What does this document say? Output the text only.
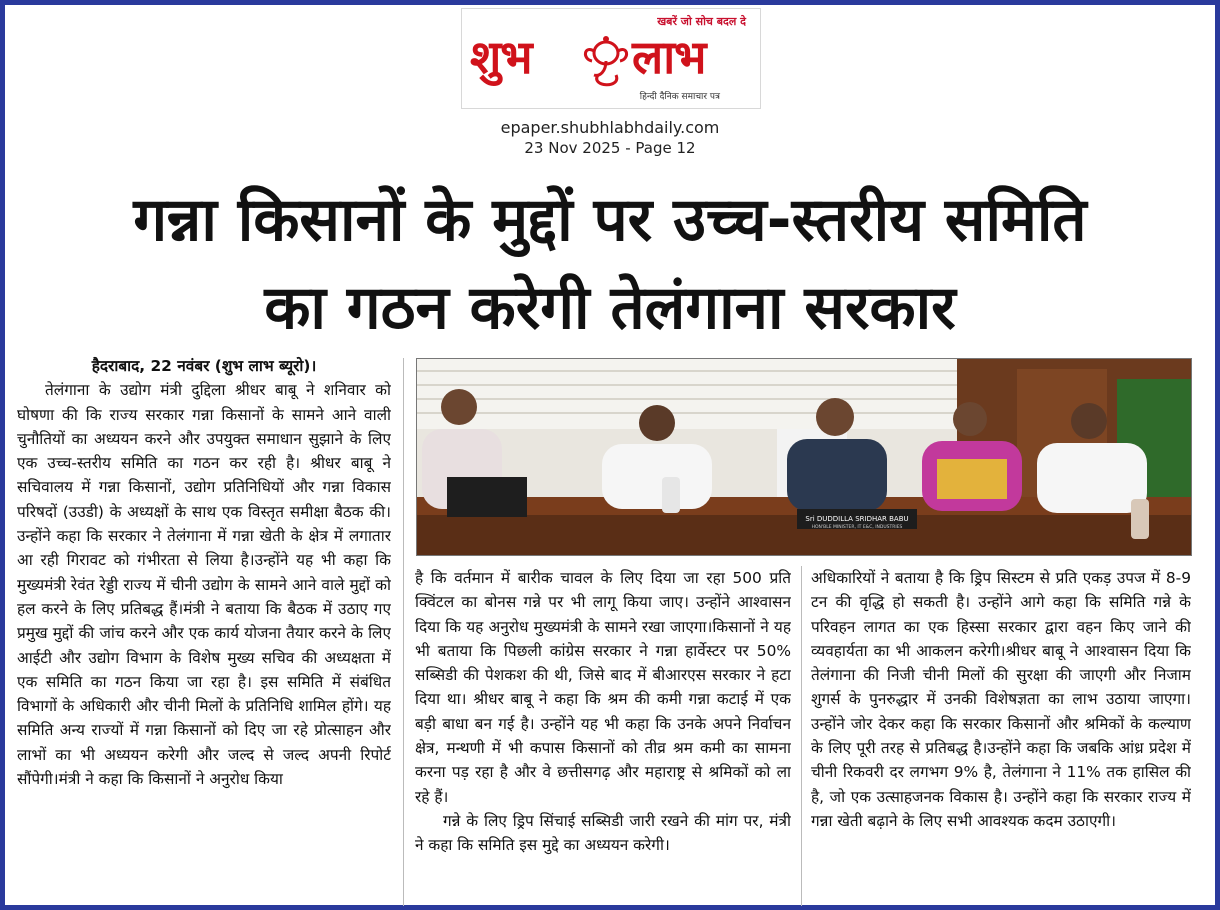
खबरें जो सोच बदल दे
शुभ लाभ
हिन्दी दैनिक समाचार पत्र
epaper.shubhlabhdaily.com
23 Nov 2025 - Page 12
गन्ना किसानों के मुद्दों पर उच्च-स्तरीय समिति
का गठन करेगी तेलंगाना सरकार

हैदराबाद, 22 नवंबर (शुभ लाभ ब्यूरो)।

तेलंगाना के उद्योग मंत्री दुद्दिला श्रीधर बाबू ने शनिवार को घोषणा की कि राज्य सरकार गन्ना किसानों के सामने आने वाली चुनौतियों का अध्ययन करने और उपयुक्त समाधान सुझाने के लिए एक उच्च-स्तरीय समिति का गठन कर रही है। श्रीधर बाबू ने सचिवालय में गन्ना किसानों, उद्योग प्रतिनिधियों और गन्ना विकास परिषदों (उउडी) के अध्यक्षों के साथ एक विस्तृत समीक्षा बैठक की। उन्होंने कहा कि सरकार ने तेलंगाना में गन्ना खेती के क्षेत्र में लगातार आ रही गिरावट को गंभीरता से लिया है।उन्होंने यह भी कहा कि मुख्यमंत्री रेवंत रेड्डी राज्य में चीनी उद्योग के सामने आने वाले मुद्दों को हल करने के लिए प्रतिबद्ध हैं।मंत्री ने बताया कि बैठक में उठाए गए प्रमुख मुद्दों की जांच करने और एक कार्य योजना तैयार करने के लिए आईटी और उद्योग विभाग के विशेष मुख्य सचिव की अध्यक्षता में एक समिति का गठन किया जा रहा है। इस समिति में संबंधित विभागों के अधिकारी और चीनी मिलों के प्रतिनिधि शामिल होंगे। यह समिति अन्य राज्यों में गन्ना किसानों को दिए जा रहे प्रोत्साहन और लाभों का भी अध्ययन करेगी और जल्द से जल्द अपनी रिपोर्ट सौंपेगी।मंत्री ने कहा कि किसानों ने अनुरोध किया

Sri DUDDILLA SRIDHAR BABU
HON'BLE MINISTER, IT E&C, INDUSTRIES

है कि वर्तमान में बारीक चावल के लिए दिया जा रहा 500 प्रति क्विंटल का बोनस गन्ने पर भी लागू किया जाए। उन्होंने आश्वासन दिया कि यह अनुरोध मुख्यमंत्री के सामने रखा जाएगा।किसानों ने यह भी बताया कि पिछली कांग्रेस सरकार ने गन्ना हार्वेस्टर पर 50% सब्सिडी की पेशकश की थी, जिसे बाद में बीआरएस सरकार ने हटा दिया था। श्रीधर बाबू ने कहा कि श्रम की कमी गन्ना कटाई में एक बड़ी बाधा बन गई है। उन्होंने यह भी कहा कि उनके अपने निर्वाचन क्षेत्र, मन्थणी में भी कपास किसानों को तीव्र श्रम कमी का सामना करना पड़ रहा है और वे छत्तीसगढ़ और महाराष्ट्र से श्रमिकों को ला रहे हैं।

गन्ने के लिए ड्रिप सिंचाई सब्सिडी जारी रखने की मांग पर, मंत्री ने कहा कि समिति इस मुद्दे का अध्ययन करेगी।

अधिकारियों ने बताया है कि ड्रिप सिस्टम से प्रति एकड़ उपज में 8-9 टन की वृद्धि हो सकती है। उन्होंने आगे कहा कि समिति गन्ने के परिवहन लागत का एक हिस्सा सरकार द्वारा वहन किए जाने की व्यवहार्यता का भी आकलन करेगी।श्रीधर बाबू ने आश्वासन दिया कि तेलंगाना की निजी चीनी मिलों की सुरक्षा की जाएगी और निजाम शुगर्स के पुनरुद्धार में उनकी विशेषज्ञता का लाभ उठाया जाएगा। उन्होंने जोर देकर कहा कि सरकार किसानों और श्रमिकों के कल्याण के लिए पूरी तरह से प्रतिबद्ध है।उन्होंने कहा कि जबकि आंध्र प्रदेश में चीनी रिकवरी दर लगभग 9% है, तेलंगाना ने 11% तक हासिल की है, जो एक उत्साहजनक विकास है। उन्होंने कहा कि सरकार राज्य में गन्ना खेती बढ़ाने के लिए सभी आवश्यक कदम उठाएगी।
